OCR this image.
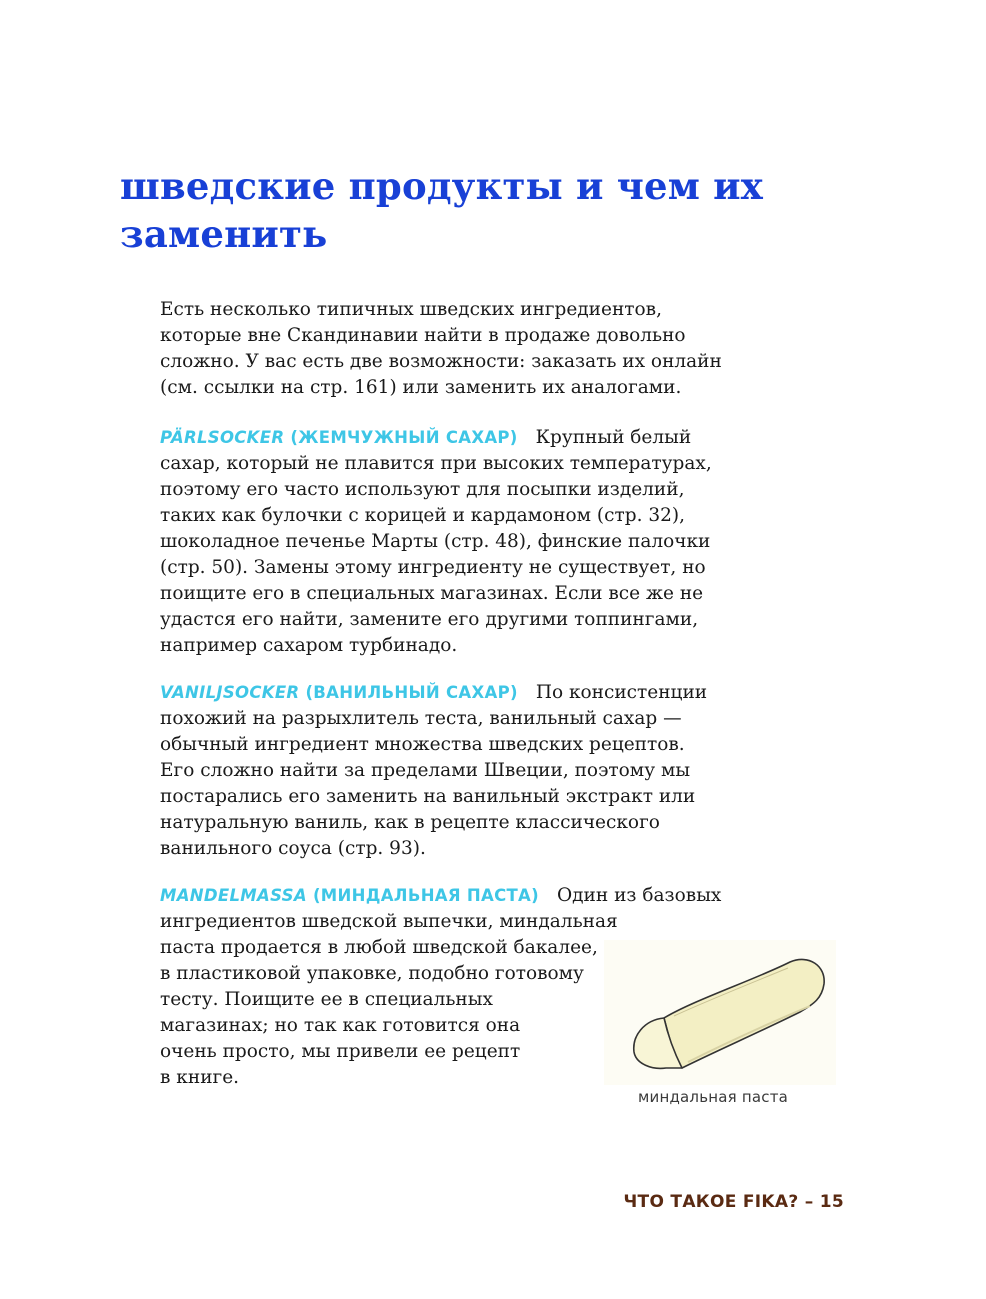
шведские продукты и чем их заменить
Есть несколько типичных шведских ингредиентов,
которые вне Скандинавии найти в продаже довольно
сложно. У вас есть две возможности: заказать их онлайн
(см. ссылки на стр. 161) или заменить их аналогами.
PÄRLSOCKER (ЖЕМЧУЖНЫЙ САХАР) Крупный белый
сахар, который не плавится при высоких температурах,
поэтому его часто используют для посыпки изделий,
таких как булочки с корицей и кардамоном (стр. 32),
шоколадное печенье Марты (стр. 48), финские палочки
(стр. 50). Замены этому ингредиенту не существует, но
поищите его в специальных магазинах. Если все же не
удастся его найти, замените его другими топпингами,
например сахаром турбинадо.
VANILJSOCKER (ВАНИЛЬНЫЙ САХАР) По консистенции
похожий на разрыхлитель теста, ванильный сахар —
обычный ингредиент множества шведских рецептов.
Его сложно найти за пределами Швеции, поэтому мы
постарались его заменить на ванильный экстракт или
натуральную ваниль, как в рецепте классического
ванильного соуса (стр. 93).
MANDELMASSA (МИНДАЛЬНАЯ ПАСТА) Один из базовых
ингредиентов шведской выпечки, миндальная
паста продается в любой шведской бакалее,
в пластиковой упаковке, подобно готовому
тесту. Поищите ее в специальных
магазинах; но так как готовится она
очень просто, мы привели ее рецепт
в книге.
миндальная паста
ЧТО ТАКОЕ FIKA? – 15
